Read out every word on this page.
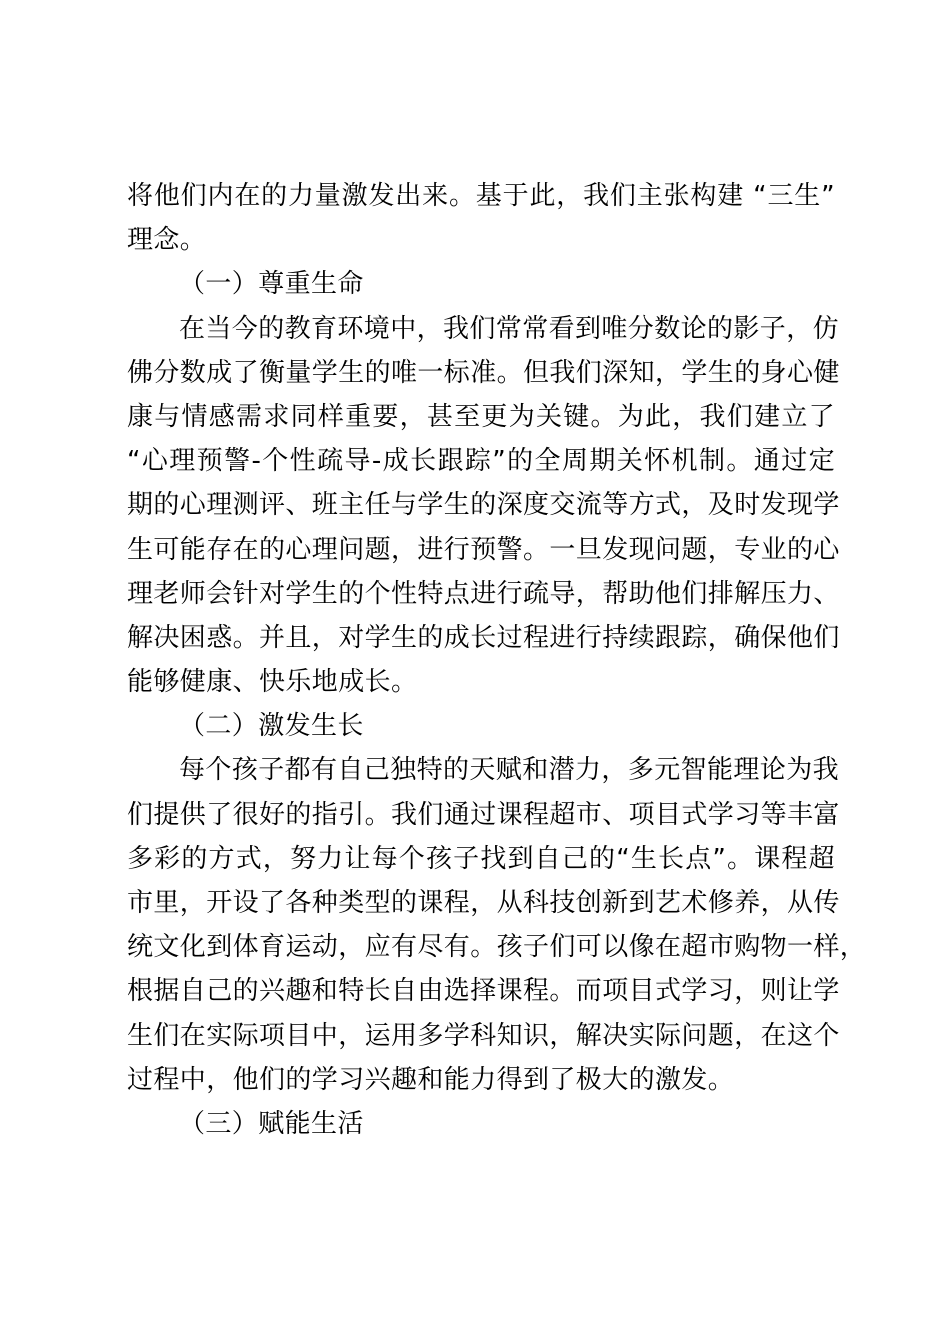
将他们内在的力量激发出来。基于此，我们主张构建 “三生”
理念。
（一）尊重生命
在当今的教育环境中，我们常常看到唯分数论的影子，仿
佛分数成了衡量学生的唯一标准。但我们深知，学生的身心健
康与情感需求同样重要，甚至更为关键。为此，我们建立了
“心理预警-个性疏导-成长跟踪”的全周期关怀机制。通过定
期的心理测评、班主任与学生的深度交流等方式，及时发现学
生可能存在的心理问题，进行预警。一旦发现问题，专业的心
理老师会针对学生的个性特点进行疏导，帮助他们排解压力、
解决困惑。并且，对学生的成长过程进行持续跟踪，确保他们
能够健康、快乐地成长。
（二）激发生长
每个孩子都有自己独特的天赋和潜力，多元智能理论为我
们提供了很好的指引。我们通过课程超市、项目式学习等丰富
多彩的方式，努力让每个孩子找到自己的“生长点”。课程超
市里，开设了各种类型的课程，从科技创新到艺术修养，从传
统文化到体育运动，应有尽有。孩子们可以像在超市购物一样，
根据自己的兴趣和特长自由选择课程。而项目式学习，则让学
生们在实际项目中，运用多学科知识，解决实际问题，在这个
过程中，他们的学习兴趣和能力得到了极大的激发。
（三）赋能生活
